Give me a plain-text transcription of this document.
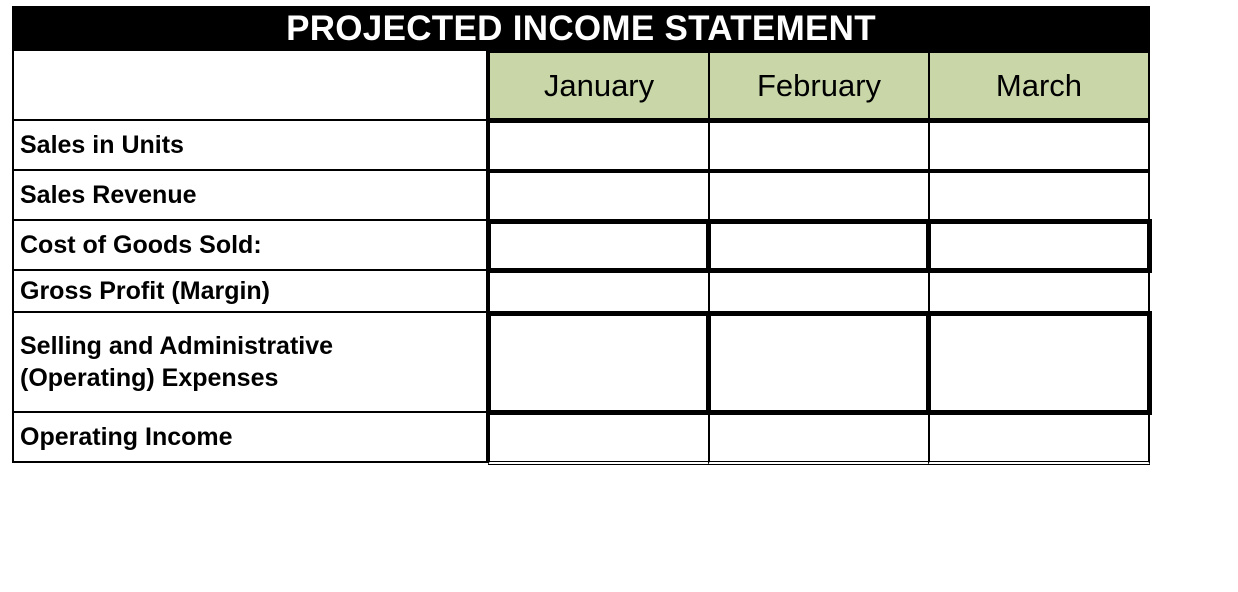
PROJECTED INCOME STATEMENT
Sales in Units
Sales Revenue
Cost of Goods Sold:
Gross Profit (Margin)
Selling and Administrative
(Operating) Expenses
Operating Income
January	February	March
